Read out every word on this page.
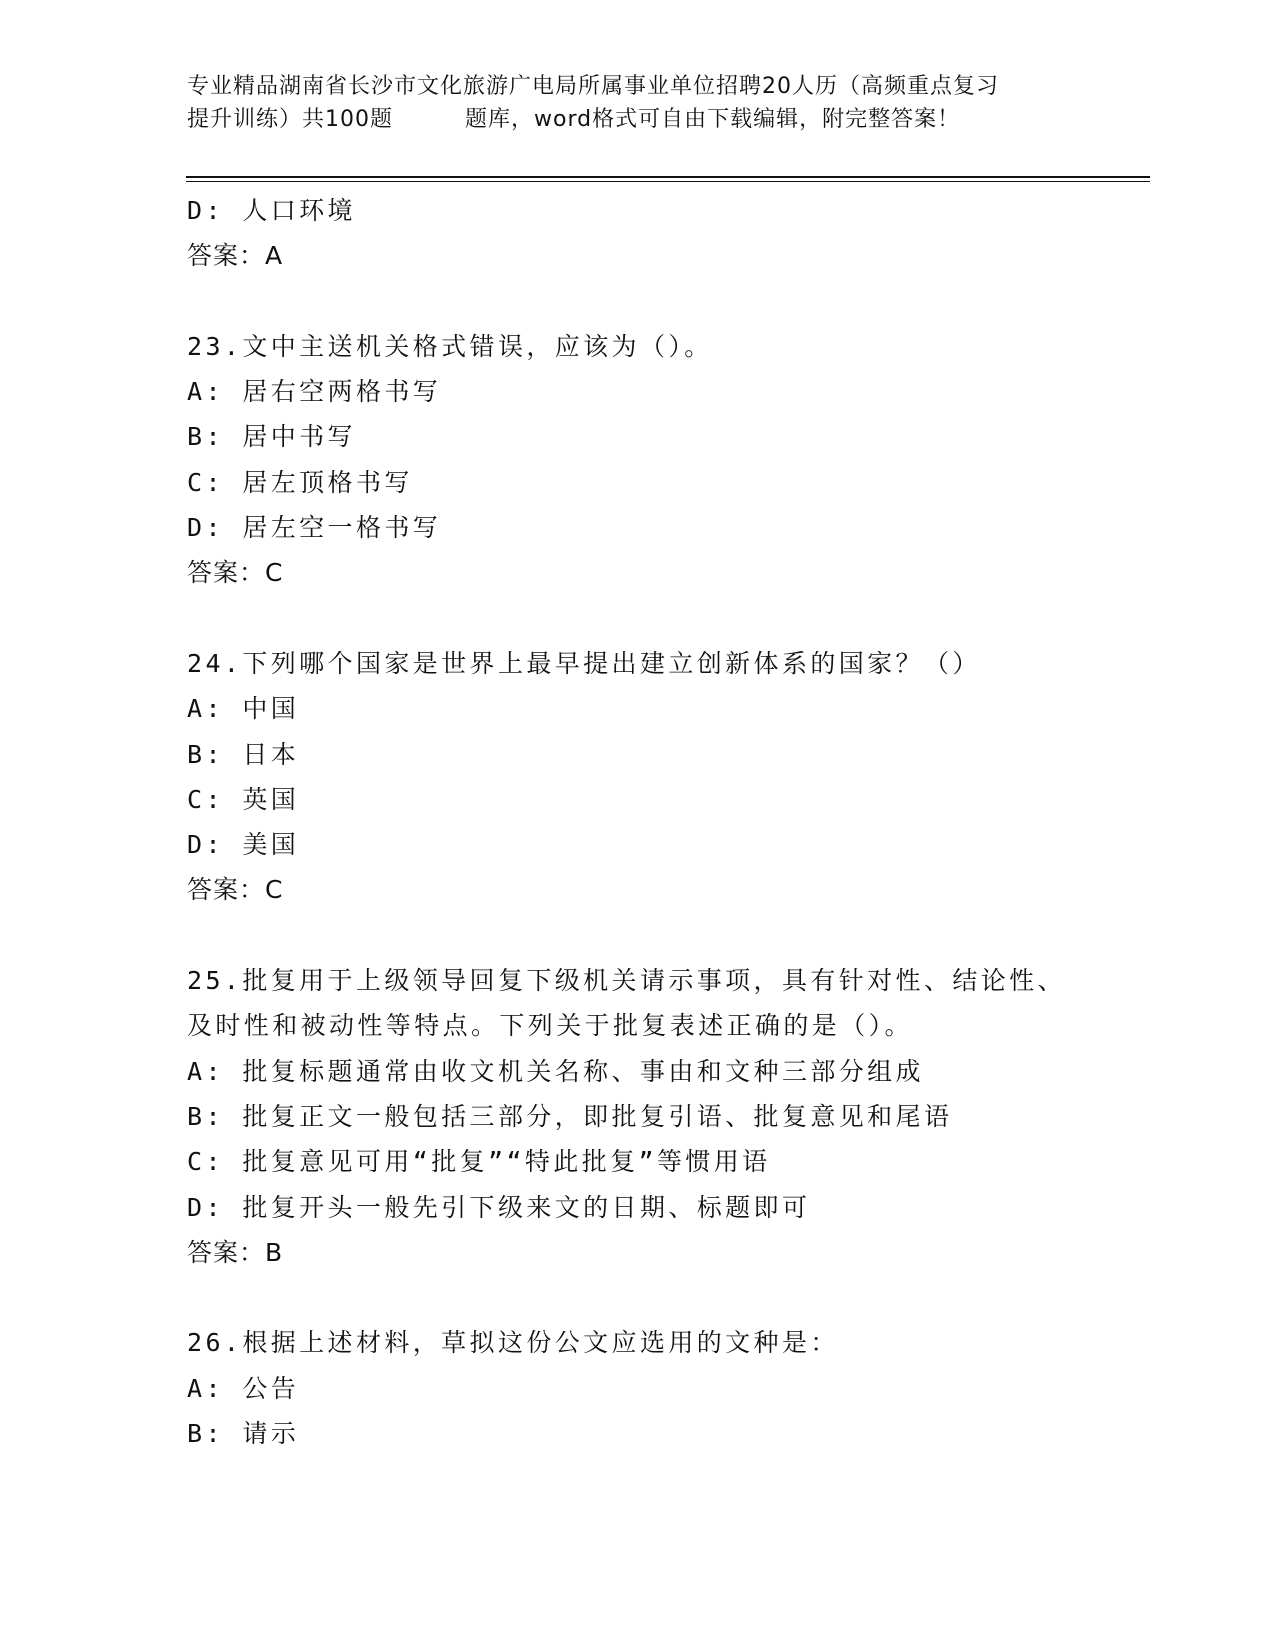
专业精品湖南省长沙市文化旅游广电局所属事业单位招聘20人历（高频重点复习
提升训练）共100题	题库，word格式可自由下载编辑，附完整答案！
D: 人口环境
答案：A
23.文中主送机关格式错误，应该为（）。
A: 居右空两格书写
B: 居中书写
C: 居左顶格书写
D: 居左空一格书写
答案：C
24.下列哪个国家是世界上最早提出建立创新体系的国家？（）
A: 中国
B: 日本
C: 英国
D: 美国
答案：C
25.批复用于上级领导回复下级机关请示事项，具有针对性、结论性、
及时性和被动性等特点。下列关于批复表述正确的是（）。
A: 批复标题通常由收文机关名称、事由和文种三部分组成
B: 批复正文一般包括三部分，即批复引语、批复意见和尾语
C: 批复意见可用“批复”“特此批复”等惯用语
D: 批复开头一般先引下级来文的日期、标题即可
答案：B
26.根据上述材料，草拟这份公文应选用的文种是：
A: 公告
B: 请示
